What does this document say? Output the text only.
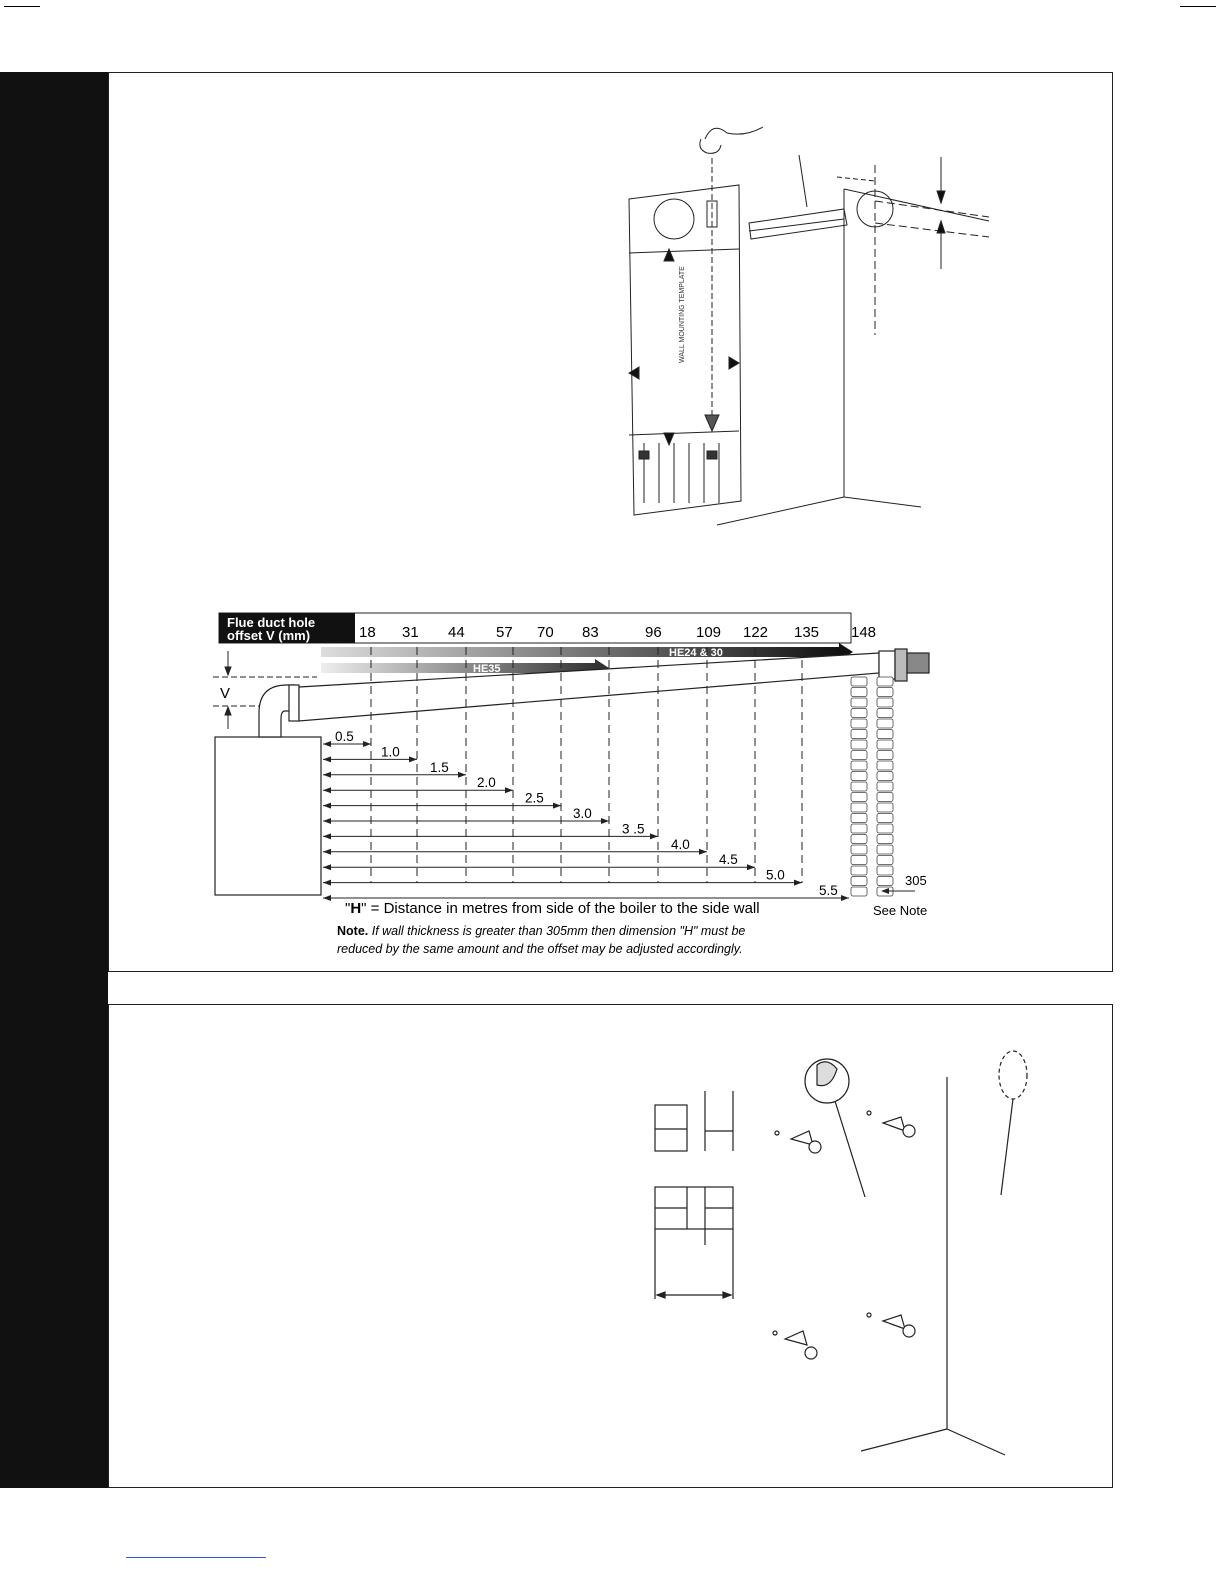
WALL MOUNTING TEMPLATE
Flue duct hole
offset V (mm)	18 31 44 57 70 83	96 109 122 135 148
HE24 & 30
HE35
V
0.5
1.0
1.5
2.0
2.5
3.0
3 .5
4.0
4.5
5.0
5.5
305
See Note
"H" = Distance in metres from side of the boiler to the side wall
Note. If wall thickness is greater than 305mm then dimension "H" must be
reduced by the same amount and the offset may be adjusted accordingly.
